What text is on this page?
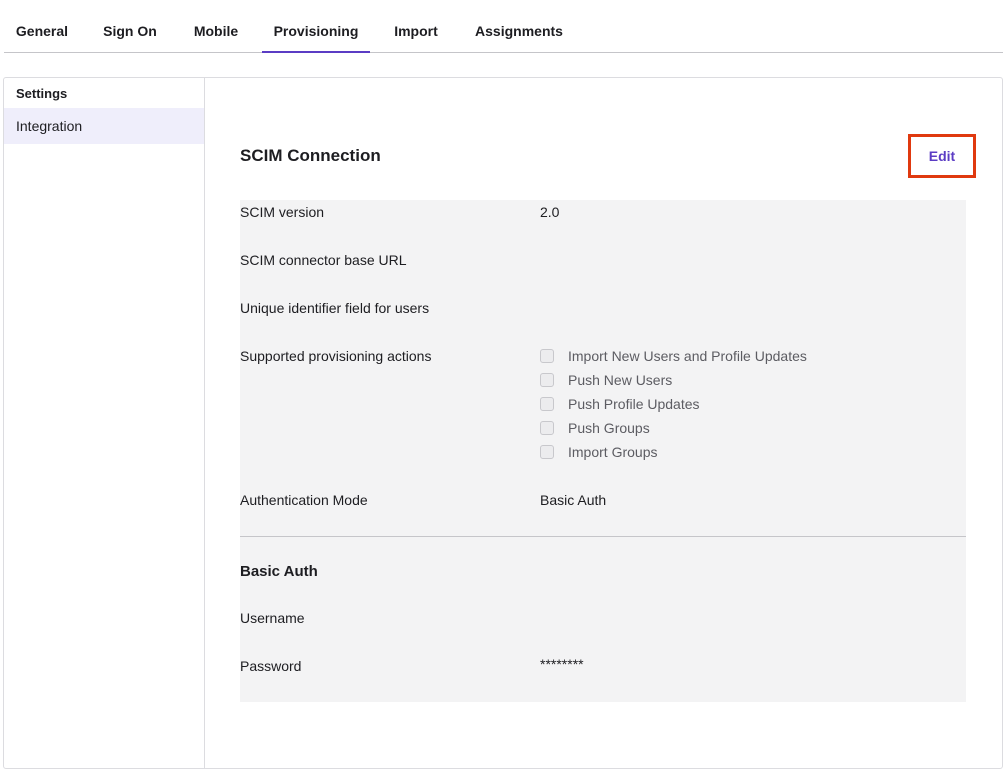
General	Sign On	Mobile	Provisioning	Import	Assignments
Settings
Integration
SCIM Connection	Edit
SCIM version	2.0
SCIM connector base URL
Unique identifier field for users
Supported provisioning actions	Import New Users and Profile Updates
Push New Users
Push Profile Updates
Push Groups
Import Groups
Authentication Mode	Basic Auth
Basic Auth
Username
Password	********
